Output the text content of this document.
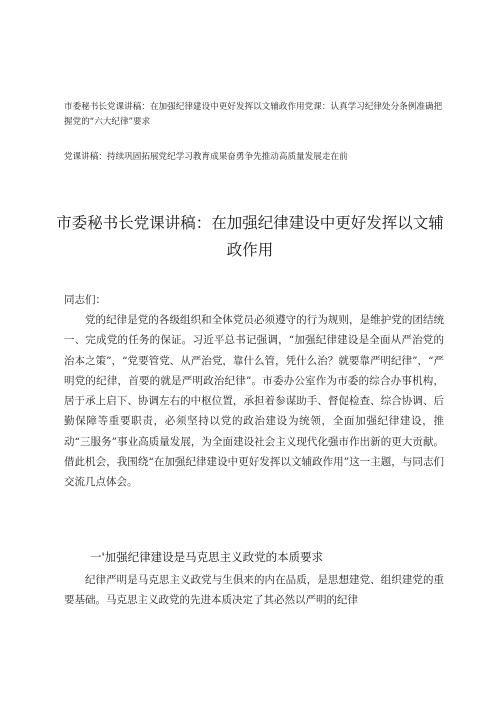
市委秘书长党课讲稿：在加强纪律建设中更好发挥以文辅政作用党课：认真学习纪律处分条例准确把握党的“六大纪律”要求
党课讲稿：持续巩固拓展党纪学习教育成果奋勇争先推动高质量发展走在前
市委秘书长党课讲稿：在加强纪律建设中更好发挥以文辅政作用
同志们：
党的纪律是党的各级组织和全体党员必须遵守的行为规则，是维护党的团结统一、完成党的任务的保证。习近平总书记强调，“加强纪律建设是全面从严治党的治本之策”，“党要管党、从严治党，靠什么管，凭什么治？就要靠严明纪律”，“严明党的纪律，首要的就是严明政治纪律”。市委办公室作为市委的综合办事机构，居于承上启下、协调左右的中枢位置，承担着参谋助手、督促检查、综合协调、后勤保障等重要职责，必须坚持以党的政治建设为统领，全面加强纪律建设，推动“三服务”事业高质量发展，为全面建设社会主义现代化强市作出新的更大贡献。借此机会，我围绕“在加强纪律建设中更好发挥以文辅政作用”这一主题，与同志们交流几点体会。
一'加强纪律建设是马克思主义政党的本质要求
纪律严明是马克思主义政党与生俱来的内在品质，是思想建党、组织建党的重要基础。马克思主义政党的先进本质决定了其必然以严明的纪律
